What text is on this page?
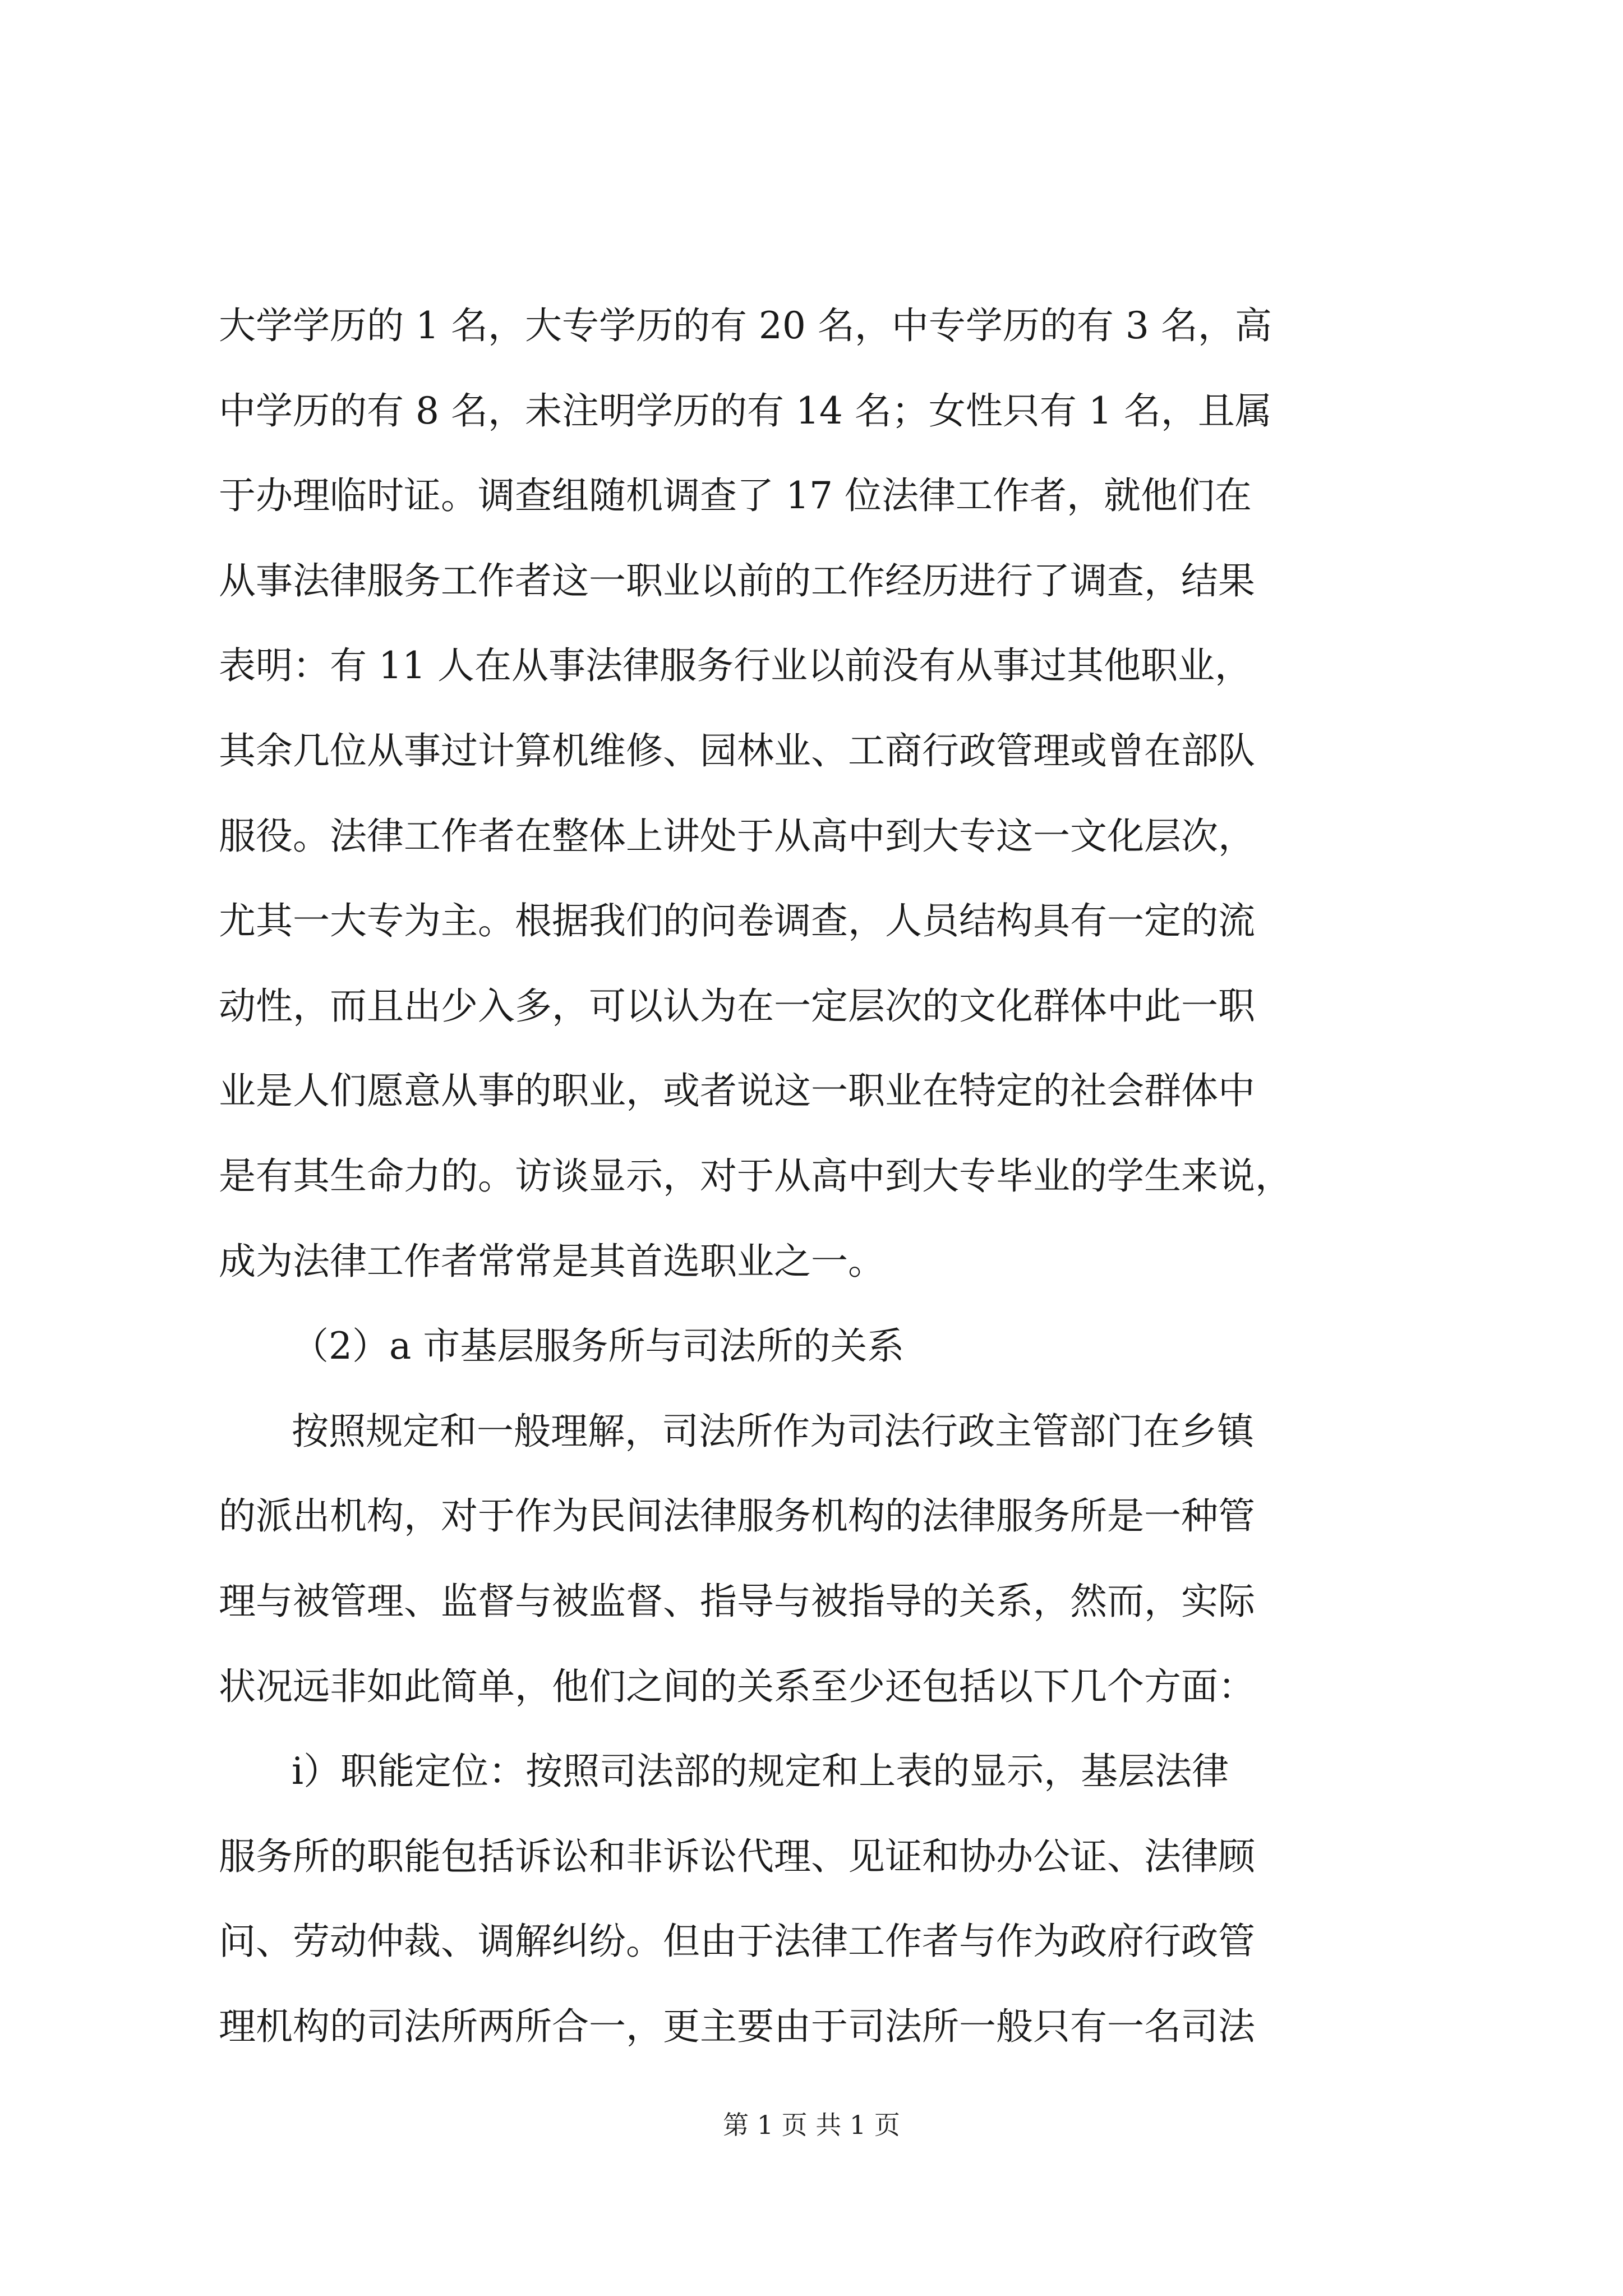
大学学历的 1 名，大专学历的有 20 名，中专学历的有 3 名，高

中学历的有 8 名，未注明学历的有 14 名；女性只有 1 名，且属

于办理临时证。调查组随机调查了 17 位法律工作者，就他们在

从事法律服务工作者这一职业以前的工作经历进行了调查，结果

表明：有 11 人在从事法律服务行业以前没有从事过其他职业，

其余几位从事过计算机维修、园林业、工商行政管理或曾在部队

服役。法律工作者在整体上讲处于从高中到大专这一文化层次，

尤其一大专为主。根据我们的问卷调查，人员结构具有一定的流

动性，而且出少入多，可以认为在一定层次的文化群体中此一职

业是人们愿意从事的职业，或者说这一职业在特定的社会群体中

是有其生命力的。访谈显示，对于从高中到大专毕业的学生来说，

成为法律工作者常常是其首选职业之一。

（2）a 市基层服务所与司法所的关系

按照规定和一般理解，司法所作为司法行政主管部门在乡镇

的派出机构，对于作为民间法律服务机构的法律服务所是一种管

理与被管理、监督与被监督、指导与被指导的关系，然而，实际

状况远非如此简单，他们之间的关系至少还包括以下几个方面：

i）职能定位：按照司法部的规定和上表的显示，基层法律

服务所的职能包括诉讼和非诉讼代理、见证和协办公证、法律顾

问、劳动仲裁、调解纠纷。但由于法律工作者与作为政府行政管

理机构的司法所两所合一，更主要由于司法所一般只有一名司法

第 1 页 共 1 页
